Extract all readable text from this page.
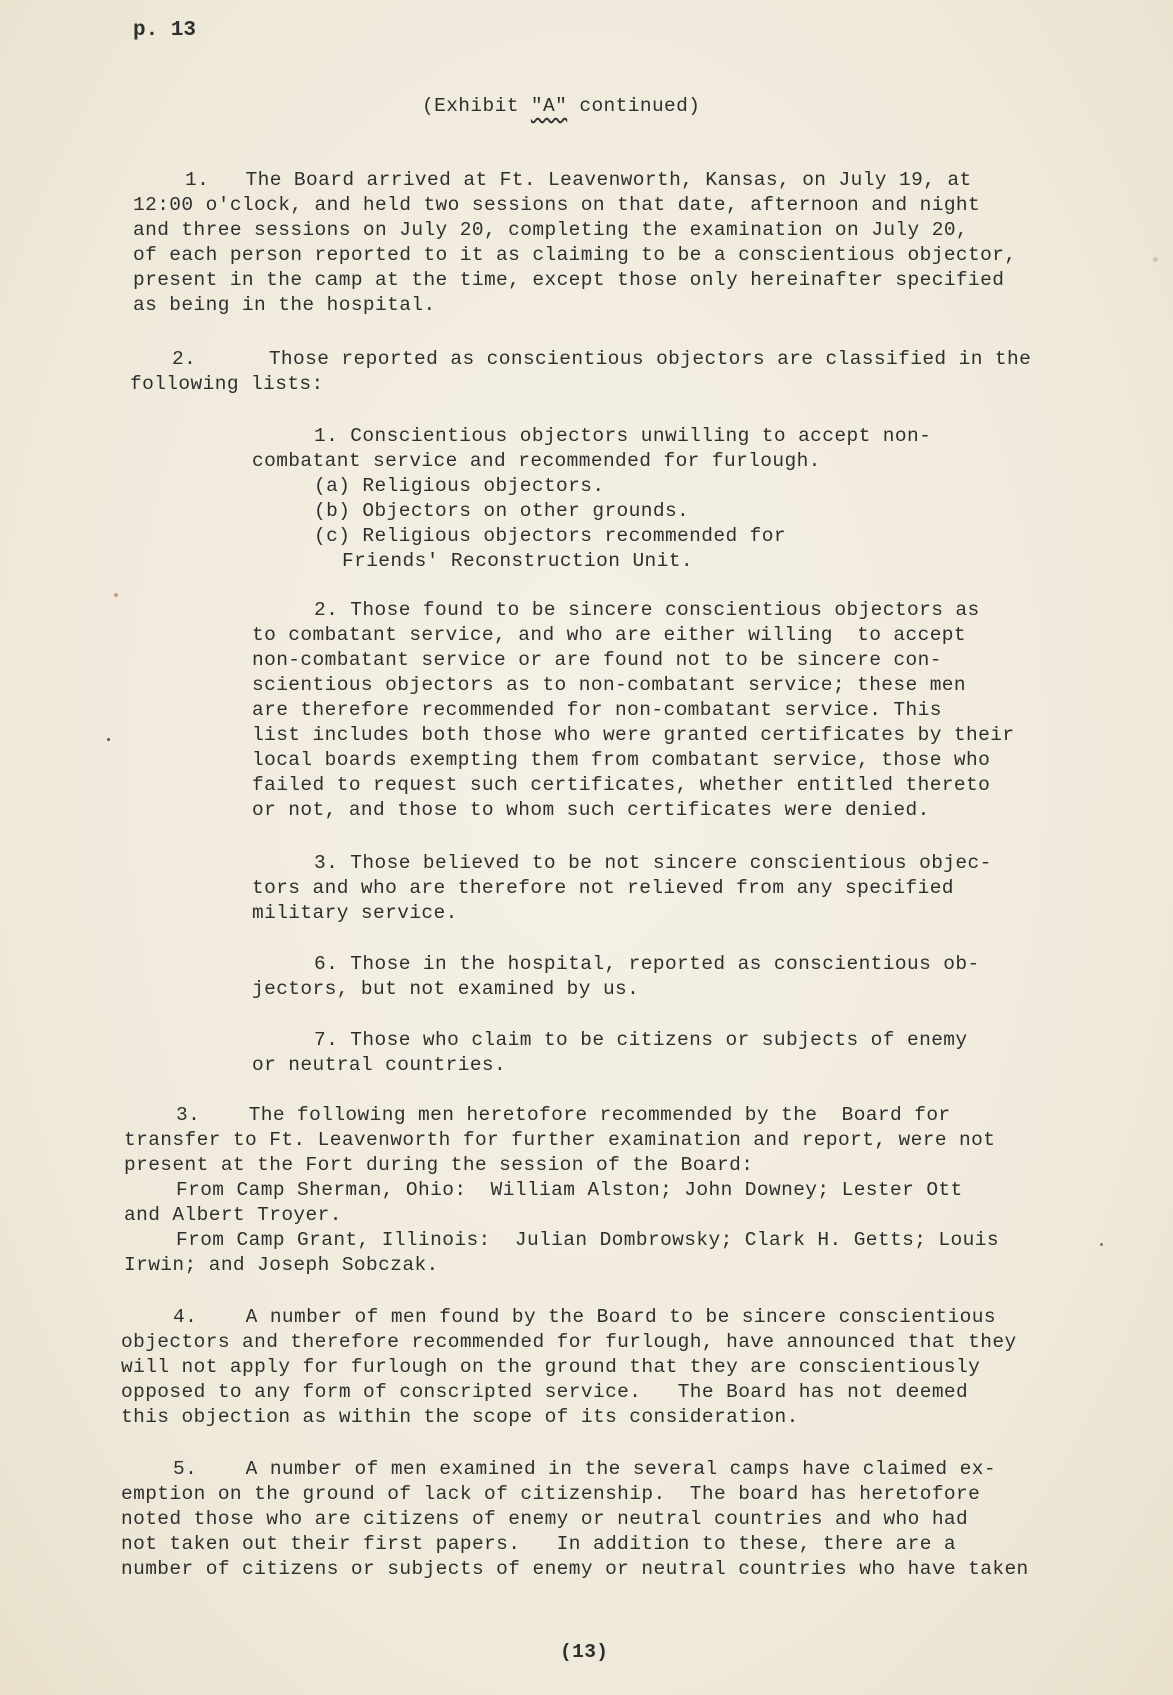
p. 13
(Exhibit "A" continued)
1.   The Board arrived at Ft. Leavenworth, Kansas, on July 19, at
12:00 o'clock, and held two sessions on that date, afternoon and night
and three sessions on July 20, completing the examination on July 20,
of each person reported to it as claiming to be a conscientious objector,
present in the camp at the time, except those only hereinafter specified
as being in the hospital.
2.      Those reported as conscientious objectors are classified in the
following lists:
1. Conscientious objectors unwilling to accept non-
combatant service and recommended for furlough.
(a) Religious objectors.
(b) Objectors on other grounds.
(c) Religious objectors recommended for
Friends' Reconstruction Unit.
2. Those found to be sincere conscientious objectors as
to combatant service, and who are either willing  to accept
non-combatant service or are found not to be sincere con-
scientious objectors as to non-combatant service; these men
are therefore recommended for non-combatant service. This
list includes both those who were granted certificates by their
local boards exempting them from combatant service, those who
failed to request such certificates, whether entitled thereto
or not, and those to whom such certificates were denied.
3. Those believed to be not sincere conscientious objec-
tors and who are therefore not relieved from any specified
military service.
6. Those in the hospital, reported as conscientious ob-
jectors, but not examined by us.
7. Those who claim to be citizens or subjects of enemy
or neutral countries.
3.    The following men heretofore recommended by the  Board for
transfer to Ft. Leavenworth for further examination and report, were not
present at the Fort during the session of the Board:
From Camp Sherman, Ohio:  William Alston; John Downey; Lester Ott
and Albert Troyer.
From Camp Grant, Illinois:  Julian Dombrowsky; Clark H. Getts; Louis
Irwin; and Joseph Sobczak.
4.    A number of men found by the Board to be sincere conscientious
objectors and therefore recommended for furlough, have announced that they
will not apply for furlough on the ground that they are conscientiously
opposed to any form of conscripted service.   The Board has not deemed
this objection as within the scope of its consideration.
5.    A number of men examined in the several camps have claimed ex-
emption on the ground of lack of citizenship.  The board has heretofore
noted those who are citizens of enemy or neutral countries and who had
not taken out their first papers.   In addition to these, there are a
number of citizens or subjects of enemy or neutral countries who have taken
(13)
